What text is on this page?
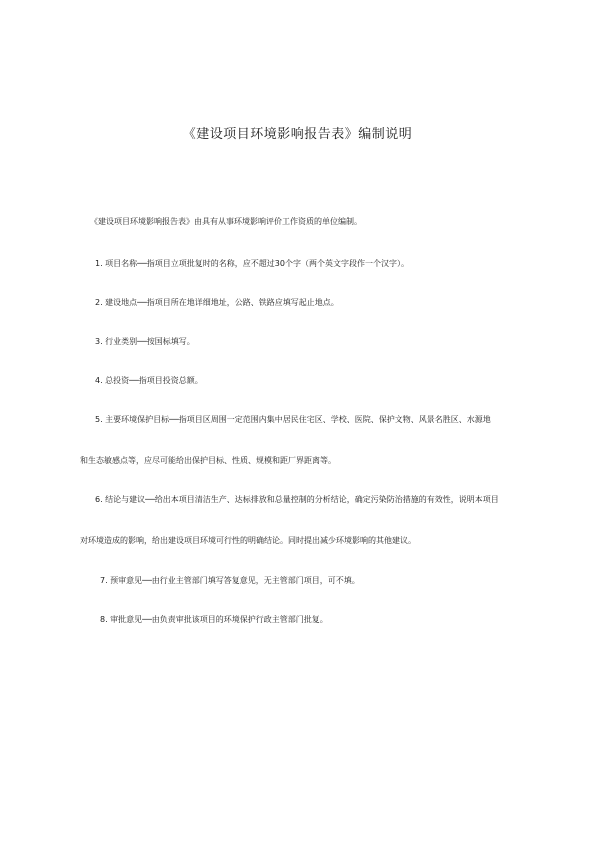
《建设项目环境影响报告表》编制说明
《建设项目环境影响报告表》由具有从事环境影响评价工作资质的单位编制。
1. 项目名称──指项目立项批复时的名称，应不超过30个字（两个英文字段作一个汉字）。
2. 建设地点──指项目所在地详细地址，公路、铁路应填写起止地点。
3. 行业类别──按国标填写。
4. 总投资──指项目投资总额。
5. 主要环境保护目标──指项目区周围一定范围内集中居民住宅区、学校、医院、保护文物、风景名胜区、水源地
和生态敏感点等，应尽可能给出保护目标、性质、规模和距厂界距离等。
6. 结论与建议──给出本项目清洁生产、达标排放和总量控制的分析结论，确定污染防治措施的有效性，说明本项目
对环境造成的影响，给出建设项目环境可行性的明确结论。同时提出减少环境影响的其他建议。
7. 预审意见──由行业主管部门填写答复意见，无主管部门项目，可不填。
8. 审批意见──由负责审批该项目的环境保护行政主管部门批复。
